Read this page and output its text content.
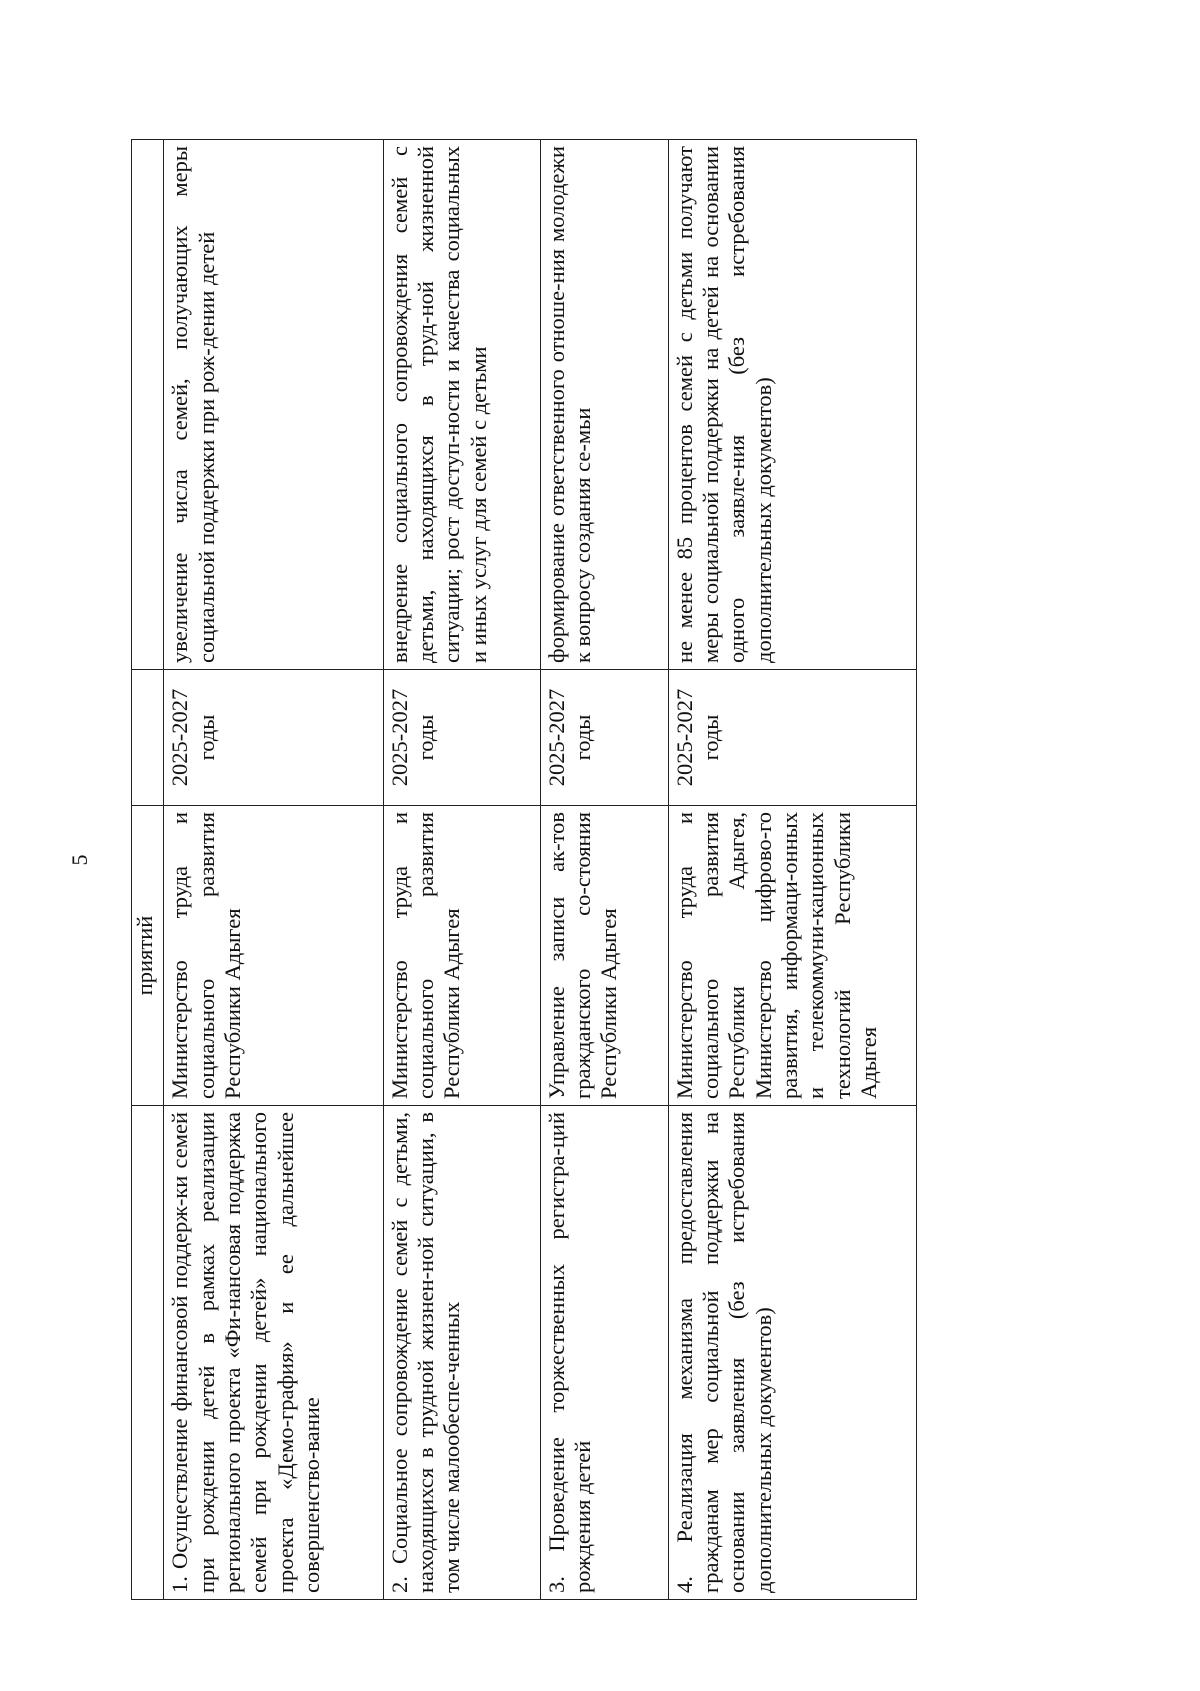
5
	приятий		
1. Осуществление финансовой поддерж-ки семей при рождении детей в рамках реализации регионального проекта «Фи-нансовая поддержка семей при рождении детей» национального проекта «Демо-графия» и ее дальнейшее совершенство-вание	Министерство труда и социального развития Республики Адыгея	2025-2027 годы	увеличение числа семей, получающих меры социальной поддержки при рож-дении детей
2. Социальное сопровождение семей с детьми, находящихся в трудной жизнен-ной ситуации, в том числе малообеспе-ченных	Министерство труда и социального развития Республики Адыгея	2025-2027 годы	внедрение социального сопровождения семей с детьми, находящихся в труд-ной жизненной ситуации; рост доступ-ности и качества социальных и иных услуг для семей с детьми
3. Проведение торжественных регистра-ций рождения детей	Управление записи ак-тов гражданского со-стояния Республики Адыгея	2025-2027 годы	формирование ответственного отноше-ния молодежи к вопросу создания се-мьи
4. Реализация механизма предоставления гражданам мер социальной поддержки на основании заявления (без истребования дополнительных документов)	Министерство труда и социального развития Республики Адыгея, Министерство цифрово-го развития, информаци-онных и телекоммуни-кационных технологий Республики Адыгея	2025-2027 годы	не менее 85 процентов семей с детьми получают меры социальной поддержки на детей на основании одного заявле-ния (без истребования дополнительных документов)
